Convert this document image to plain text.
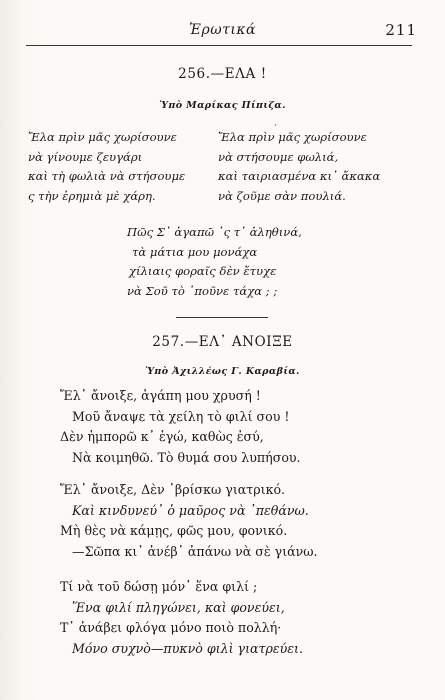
Ἐρωτικά	211
256.—ΕΛΑ !
Ὑπὸ Μαρίκας Πίπιζα.
ˌ
Ἔλα πρὶν μᾶς χωρίσουνε
νὰ γίνουμε ζευγάρι
καὶ τὴ φωλιὰ νὰ στήσουμε
ς τὴν ἐρημιὰ μὲ χάρη.
Ἔλα πρὶν μᾶς χωρίσουνε
νὰ στήσουμε φωλιά,
καὶ ταιριασμένα κι᾽ ἄκακα
νὰ ζοῦμε σὰν πουλιά.
Πῶς Σ᾽ ἀγαπῶ ᾽ς τ᾽ ἀληθινά,
τὰ μάτια μου μονάχα
χίλιαις φοραῖς δὲν ἔτυχε
νὰ Σοῦ τὸ ᾽ποῦνε τάχα ; ;
257.—ΕΛ᾽ ΑΝΟΙΞΕ
Ὑπὸ Ἀχιλλέως Γ. Καραβία.
Ἔλ᾽ ἄνοιξε, ἀγάπη μου χρυσή !
Μοῦ ἄναψε τὰ χείλη τὸ φιλί σου !
Δὲν ἠμπορῶ κ᾽ ἐγώ, καθὼς ἐσύ,
Νὰ κοιμηθῶ. Τὸ θυμά σου λυπήσου.
Ἔλ᾽ ἄνοιξε, Δὲν ᾽βρίσκω γιατρικό.
Καὶ κινδυνεύ᾽ ὁ μαῦρος νὰ ᾽πεθάνω.
Μὴ θὲς νὰ κάμῃς, φῶς μου, φονικό.
—Σῶπα κι᾽ ἀνέβ᾽ ἀπάνω νὰ σὲ γιάνω.
Τί νὰ τοῦ δώσῃ μόν᾽ ἕνα φιλί ;
Ἕνα φιλί πληγώνει, καὶ φονεύει,
Τ᾽ ἀνάβει φλόγα μόνο ποιὸ πολλή·
Μόνο συχνὸ—πυκνὸ φιλὶ γιατρεύει.
